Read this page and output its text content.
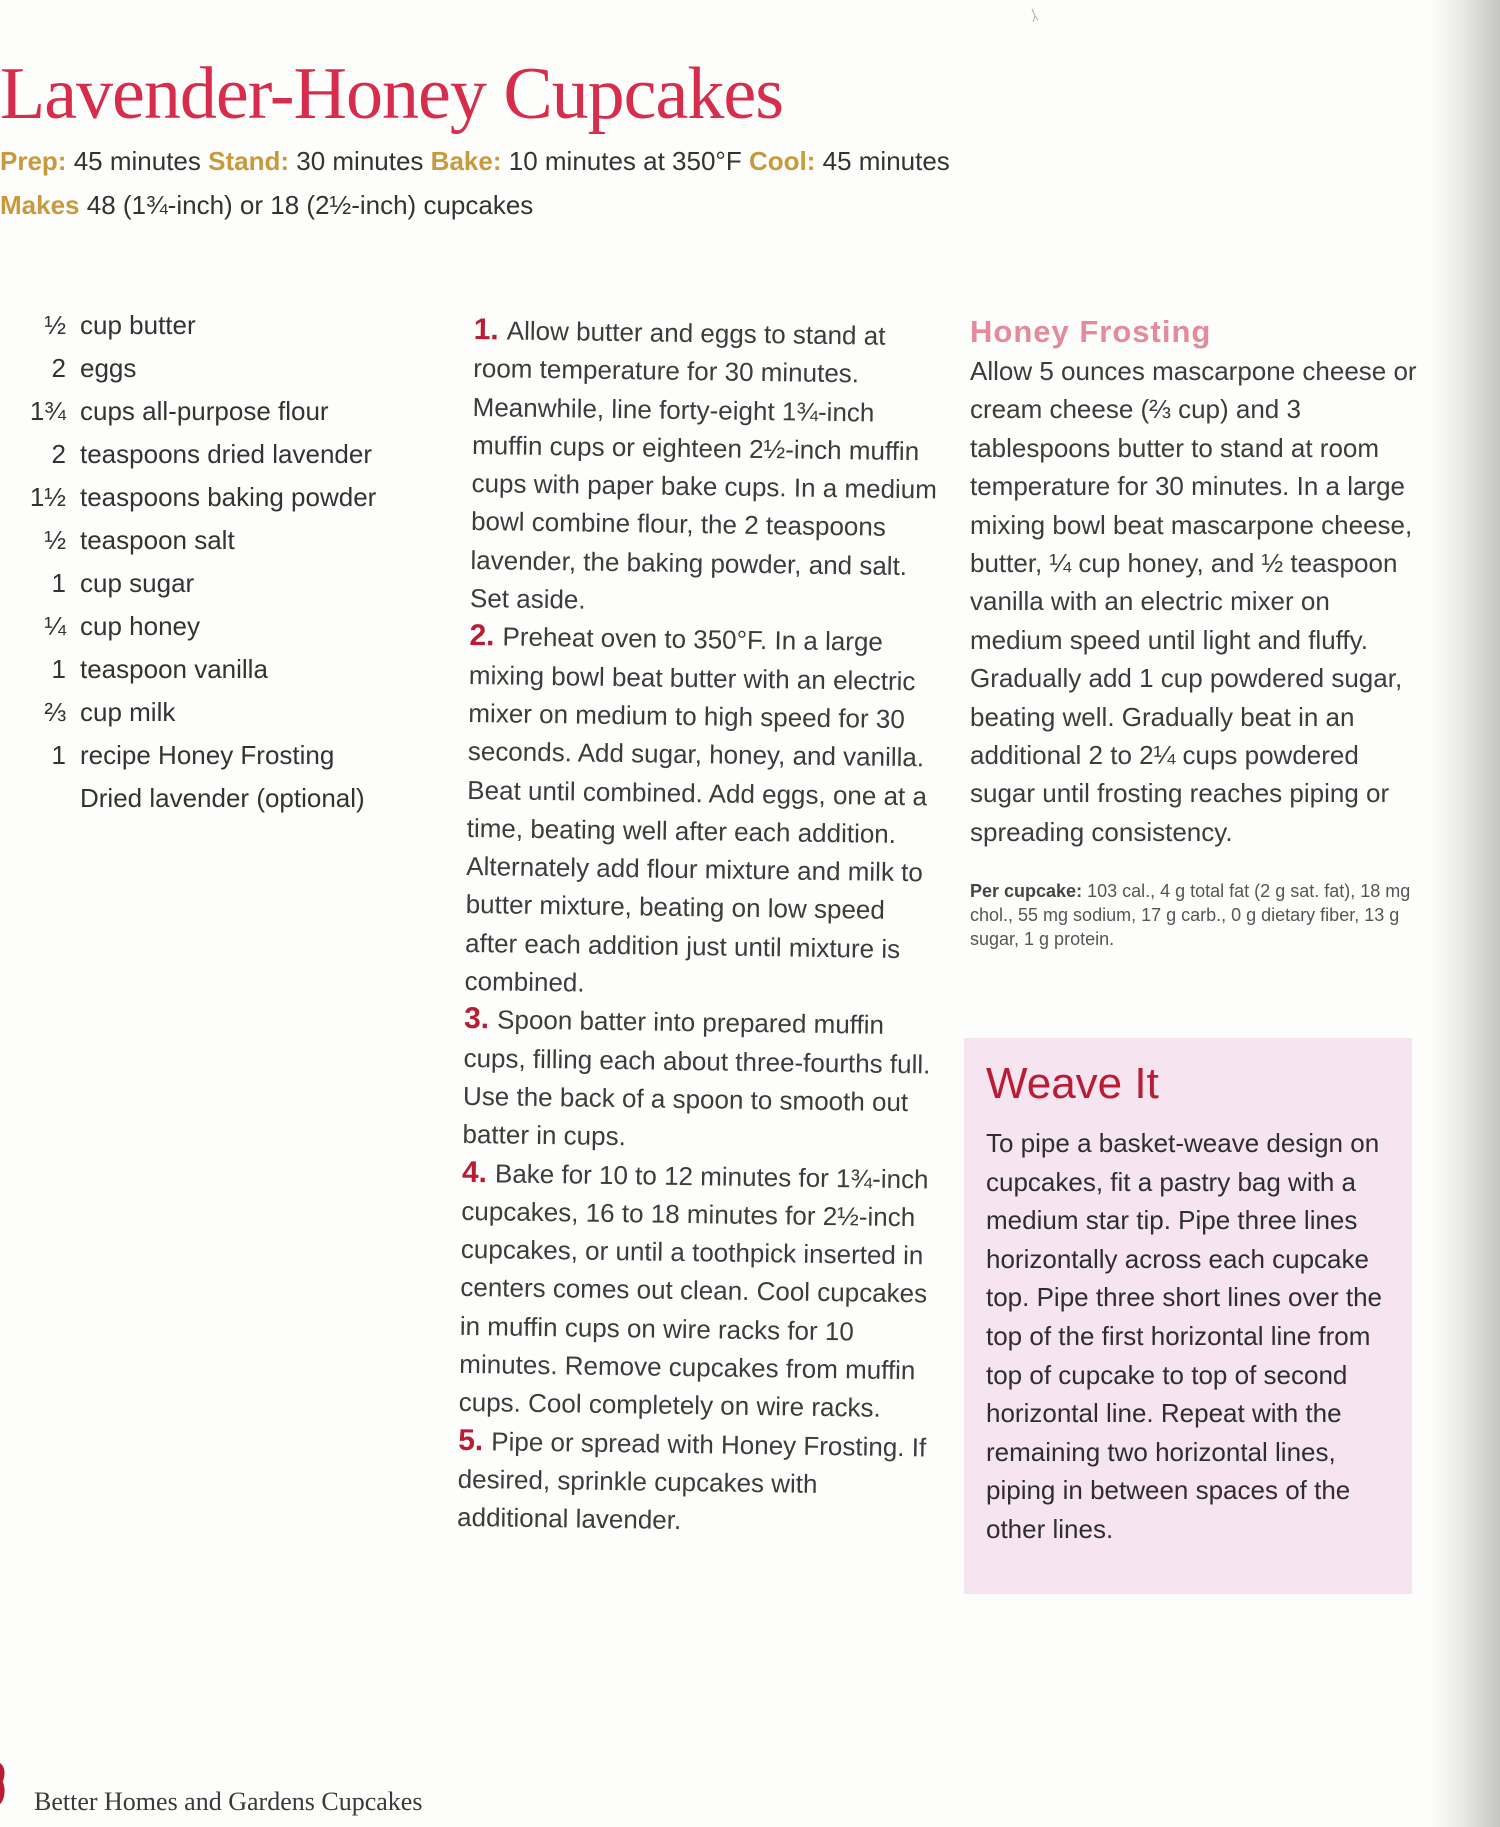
Lavender-Honey Cupcakes
Prep: 45 minutes Stand: 30 minutes Bake: 10 minutes at 350°F Cool: 45 minutes
Makes 48 (1¾-inch) or 18 (2½-inch) cupcakes
½ cup butter
2 eggs
1¾ cups all-purpose flour
2 teaspoons dried lavender
1½ teaspoons baking powder
½ teaspoon salt
1 cup sugar
¼ cup honey
1 teaspoon vanilla
⅔ cup milk
1 recipe Honey Frosting
Dried lavender (optional)

1. Allow butter and eggs to stand at room temperature for 30 minutes. Meanwhile, line forty-eight 1¾-inch muffin cups or eighteen 2½-inch muffin cups with paper bake cups. In a medium bowl combine flour, the 2 teaspoons lavender, the baking powder, and salt. Set aside.

2. Preheat oven to 350°F. In a large mixing bowl beat butter with an electric mixer on medium to high speed for 30 seconds. Add sugar, honey, and vanilla. Beat until combined. Add eggs, one at a time, beating well after each addition. Alternately add flour mixture and milk to butter mixture, beating on low speed after each addition just until mixture is combined.

3. Spoon batter into prepared muffin cups, filling each about three-fourths full. Use the back of a spoon to smooth out batter in cups.

4. Bake for 10 to 12 minutes for 1¾-inch cupcakes, 16 to 18 minutes for 2½-inch cupcakes, or until a toothpick inserted in centers comes out clean. Cool cupcakes in muffin cups on wire racks for 10 minutes. Remove cupcakes from muffin cups. Cool completely on wire racks.

5. Pipe or spread with Honey Frosting. If desired, sprinkle cupcakes with additional lavender.

Honey Frosting

Allow 5 ounces mascarpone cheese or cream cheese (⅔ cup) and 3 tablespoons butter to stand at room temperature for 30 minutes. In a large mixing bowl beat mascarpone cheese, butter, ¼ cup honey, and ½ teaspoon vanilla with an electric mixer on medium speed until light and fluffy. Gradually add 1 cup powdered sugar, beating well. Gradually beat in an additional 2 to 2¼ cups powdered sugar until frosting reaches piping or spreading consistency.

Per cupcake: 103 cal., 4 g total fat (2 g sat. fat), 18 mg chol., 55 mg sodium, 17 g carb., 0 g dietary fiber, 13 g sugar, 1 g protein.

Weave It

To pipe a basket-weave design on cupcakes, fit a pastry bag with a medium star tip. Pipe three lines horizontally across each cupcake top. Pipe three short lines over the top of the first horizontal line from top of cupcake to top of second horizontal line. Repeat with the remaining two horizontal lines, piping in between spaces of the other lines.

Better Homes and Gardens Cupcakes
